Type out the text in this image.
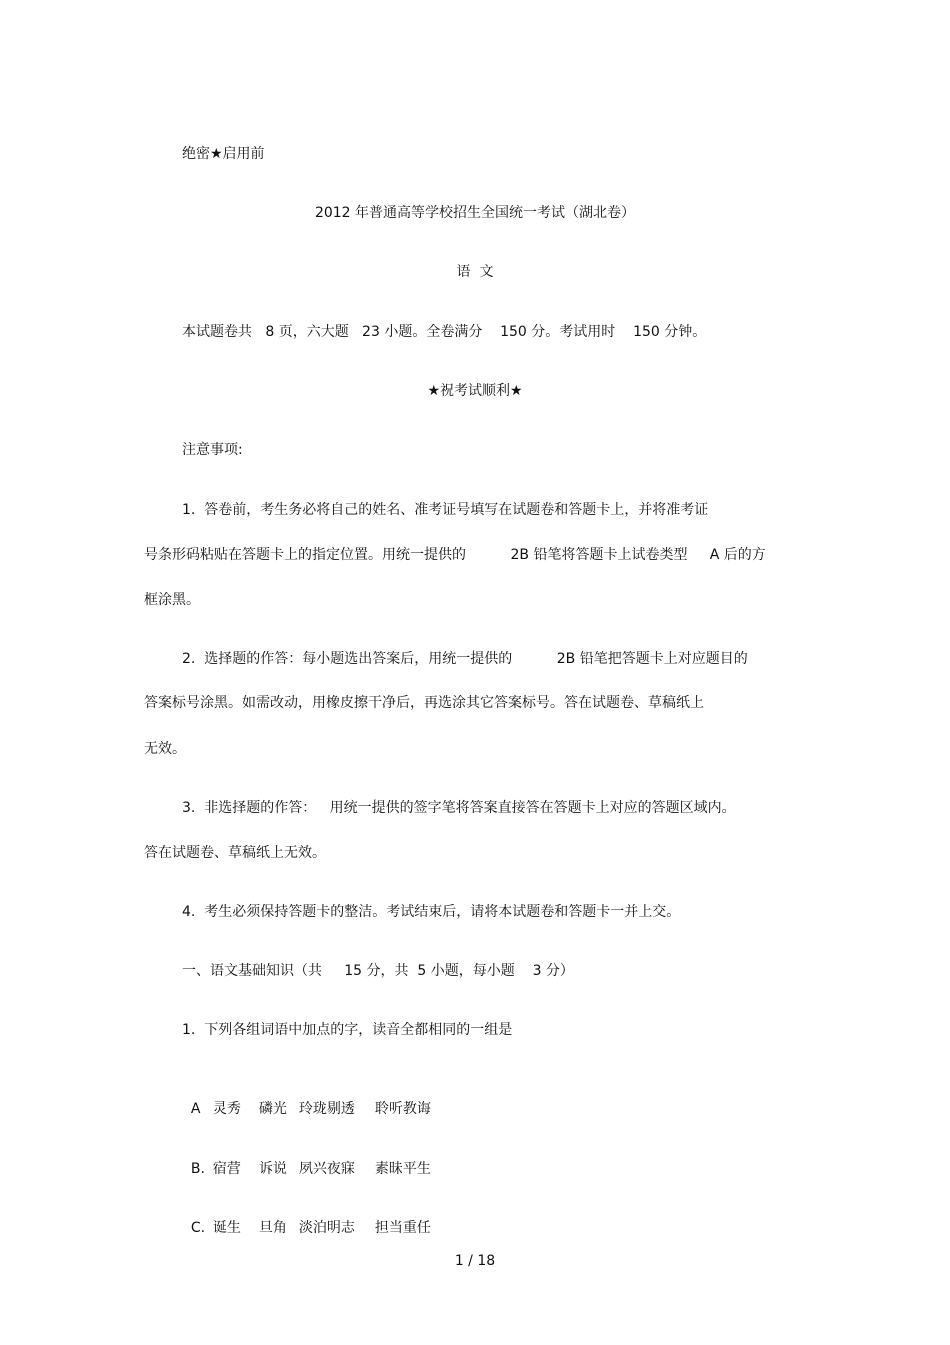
绝密★启用前
2012 年普通高等学校招生全国统一考试（湖北卷）
语  文
本试题卷共   8 页，六大题   23 小题。全卷满分    150 分。考试用时    150 分钟。
★祝考试顺利★
注意事项:
1.  答卷前，考生务必将自己的姓名、准考证号填写在试题卷和答题卡上，并将准考证
号条形码粘贴在答题卡上的指定位置。用统一提供的          2B 铅笔将答题卡上试卷类型     A 后的方
框涂黑。
2.  选择题的作答：每小题选出答案后，用统一提供的          2B 铅笔把答题卡上对应题目的
答案标号涂黑。如需改动，用橡皮擦干净后，再选涂其它答案标号。答在试题卷、草稿纸上
无效。
3.  非选择题的作答：   用统一提供的签字笔将答案直接答在答题卡上对应的答题区域内。
答在试题卷、草稿纸上无效。
4.  考生必须保持答题卡的整洁。考试结束后，请将本试题卷和答题卡一并上交。
一、语文基础知识（共     15 分，共  5 小题，每小题    3 分）
1.  下列各组词语中加点的字，读音全都相同的一组是

A 灵秀 磷光 玲珑剔透 聆听教诲

B. 宿营 诉说 夙兴夜寐 素昧平生

C. 诞生 旦角 淡泊明志 担当重任

1 / 18
